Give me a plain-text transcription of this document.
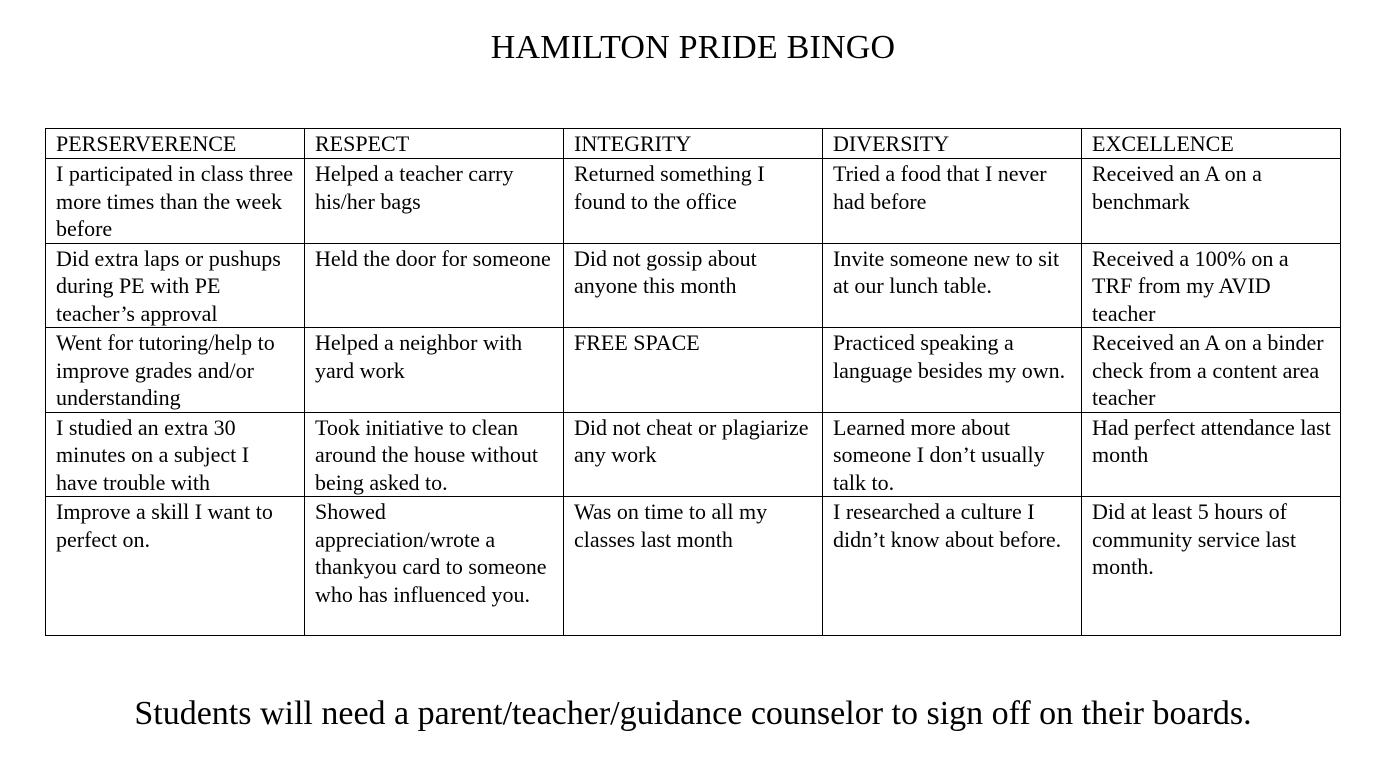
HAMILTON PRIDE BINGO
PERSERVERENCE	RESPECT	INTEGRITY	DIVERSITY	EXCELLENCE
I participated in class three more times than the week before	Helped a teacher carry his/her bags	Returned something I found to the office	Tried a food that I never had before	Received an A on a benchmark
Did extra laps or pushups during PE with PE teacher’s approval	Held the door for someone	Did not gossip about anyone this month	Invite someone new to sit at our lunch table.	Received a 100% on a TRF from my AVID teacher
Went for tutoring/help to improve grades and/or understanding	Helped a neighbor with yard work	FREE SPACE	Practiced speaking a language besides my own.	Received an A on a binder check from a content area teacher
I studied an extra 30 minutes on a subject I have trouble with	Took initiative to clean around the house without being asked to.	Did not cheat or plagiarize any work	Learned more about someone I don’t usually talk to.	Had perfect attendance last month
Improve a skill I want to perfect on.	Showed appreciation/wrote a thankyou card to someone who has influenced you.	Was on time to all my classes last month	I researched a culture I didn’t know about before.	Did at least 5 hours of community service last month.
Students will need a parent/teacher/guidance counselor to sign off on their boards.
